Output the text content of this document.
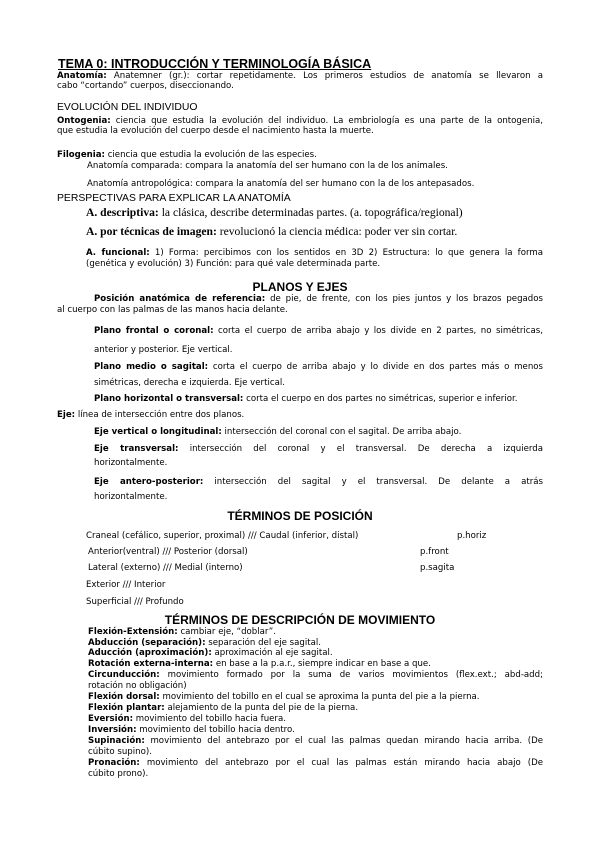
TEMA 0: INTRODUCCIÓN Y TERMINOLOGÍA BÁSICA
Anatomía: Anatemner (gr.): cortar repetidamente. Los primeros estudios de anatomía se llevaron a
cabo “cortando” cuerpos, diseccionando.
EVOLUCIÓN DEL INDIVIDUO
Ontogenia: ciencia que estudia la evolución del individuo. La embriología es una parte de la ontogenia,
que estudia la evolución del cuerpo desde el nacimiento hasta la muerte.
Filogenia: ciencia que estudia la evolución de las especies.
Anatomía comparada: compara la anatomía del ser humano con la de los animales.
Anatomía antropológica: compara la anatomía del ser humano con la de los antepasados.
PERSPECTIVAS PARA EXPLICAR LA ANATOMÍA
A. descriptiva: la clásica, describe determinadas partes. (a. topográfica/regional)
A. por técnicas de imagen: revolucionó la ciencia médica: poder ver sin cortar.
A. funcional: 1) Forma: percibimos con los sentidos en 3D 2) Estructura: lo que genera la forma
(genética y evolución) 3) Función: para qué vale determinada parte.
PLANOS Y EJES
Posición anatómica de referencia: de pie, de frente, con los pies juntos y los brazos pegados
al cuerpo con las palmas de las manos hacia delante.
Plano frontal o coronal: corta el cuerpo de arriba abajo y los divide en 2 partes, no simétricas,
anterior y posterior. Eje vertical.
Plano medio o sagital: corta el cuerpo de arriba abajo y lo divide en dos partes más o menos
simétricas, derecha e izquierda. Eje vertical.
Plano horizontal o transversal: corta el cuerpo en dos partes no simétricas, superior e inferior.
Eje: línea de intersección entre dos planos.
Eje vertical o longitudinal: intersección del coronal con el sagital. De arriba abajo.
Eje transversal: intersección del coronal y el transversal. De derecha a izquierda
horizontalmente.
Eje antero-posterior: intersección del sagital y el transversal. De delante a atrás
horizontalmente.
TÉRMINOS DE POSICIÓN
Craneal (cefálico, superior, proximal) /// Caudal (inferior, distal)	p.horiz
Anterior(ventral) /// Posterior (dorsal)	p.front
Lateral (externo) /// Medial (interno)	p.sagita
Exterior /// Interior
Superficial /// Profundo
TÉRMINOS DE DESCRIPCIÓN DE MOVIMIENTO
Flexión-Extensión: cambiar eje, “doblar”.
Abducción (separación): separación del eje sagital.
Aducción (aproximación): aproximación al eje sagital.
Rotación externa-interna: en base a la p.a.r., siempre indicar en base a que.
Circunducción: movimiento formado por la suma de varios movimientos (flex.ext.; abd-add;
rotación no obligación)
Flexión dorsal: movimiento del tobillo en el cual se aproxima la punta del pie a la pierna.
Flexión plantar: alejamiento de la punta del pie de la pierna.
Eversión: movimiento del tobillo hacia fuera.
Inversión: movimiento del tobillo hacia dentro.
Supinación: movimiento del antebrazo por el cual las palmas quedan mirando hacia arriba. (De
cúbito supino).
Pronación: movimiento del antebrazo por el cual las palmas están mirando hacia abajo (De
cúbito prono).
